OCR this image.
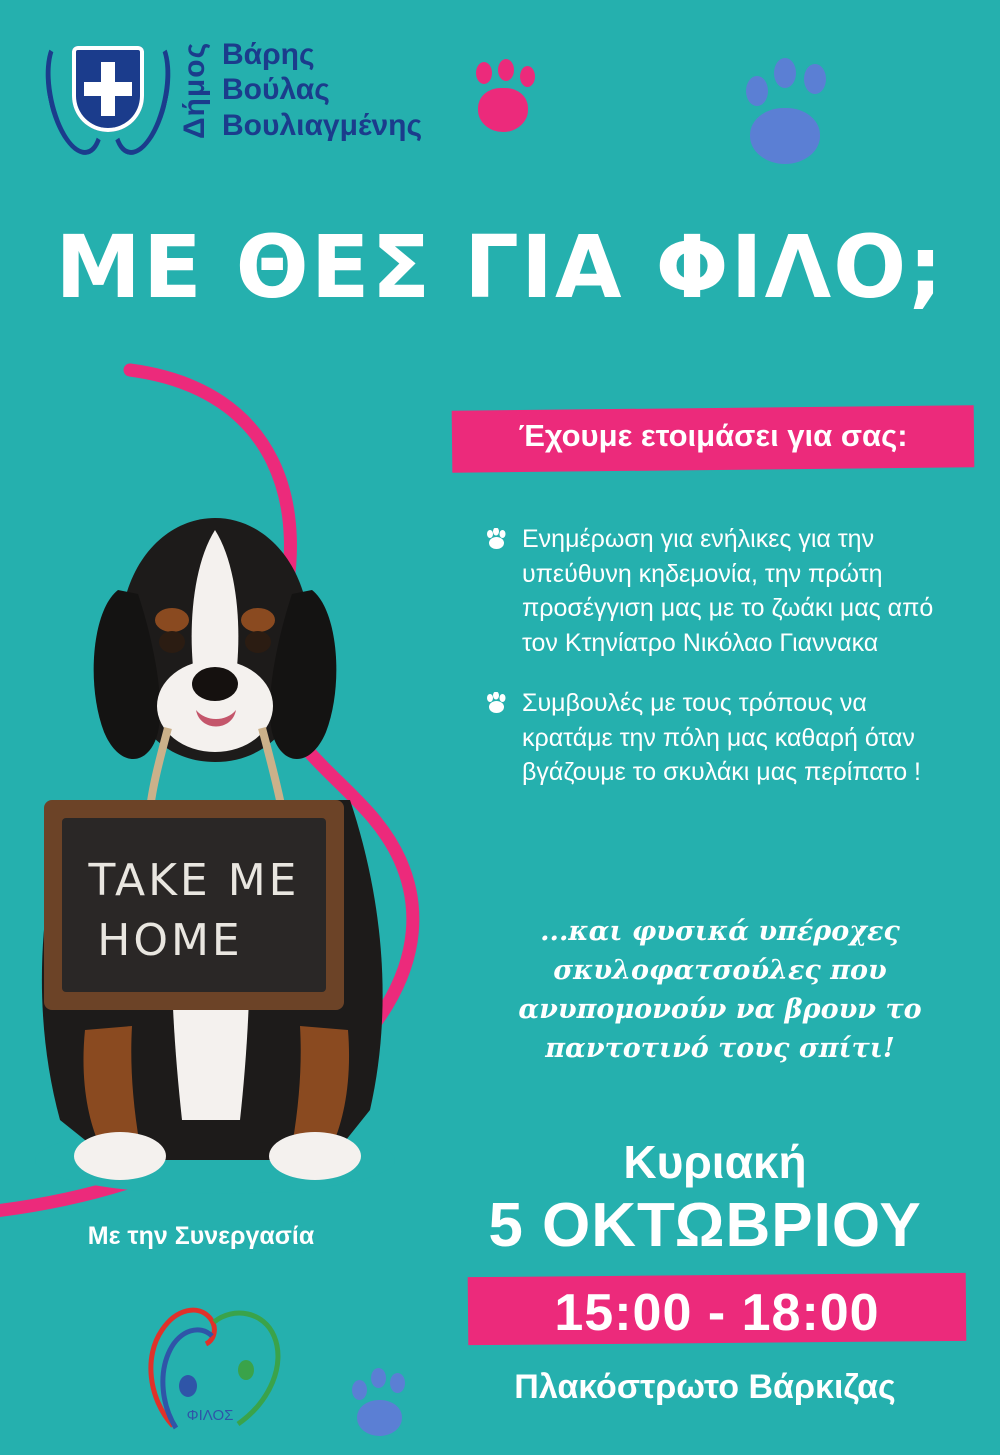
Δήμος Βάρης
Βούλας
Βουλιαγμένης
ΜΕ ΘΕΣ ΓΙΑ ΦΙΛΟ;
TAKE ME
HOME
Έχουμε ετοιμάσει για σας:
Ενημέρωση για ενήλικες για την υπεύθυνη κηδεμονία, την πρώτη προσέγγιση μας με το ζωάκι μας από τον Κτηνίατρο Νικόλαο Γιαννακα
Συμβουλές με τους τρόπους να κρατάμε την πόλη μας καθαρή όταν βγάζουμε το σκυλάκι μας περίπατο !
...και φυσικά υπέροχες σκυλοφατσούλες που ανυπομονούν να βρουν το παντοτινό τους σπίτι!
Κυριακή
5 ΟΚΤΩΒΡΙΟΥ
15:00 - 18:00
Πλακόστρωτο Βάρκιζας
Με την Συνεργασία
ΦΙΛΟΣ
